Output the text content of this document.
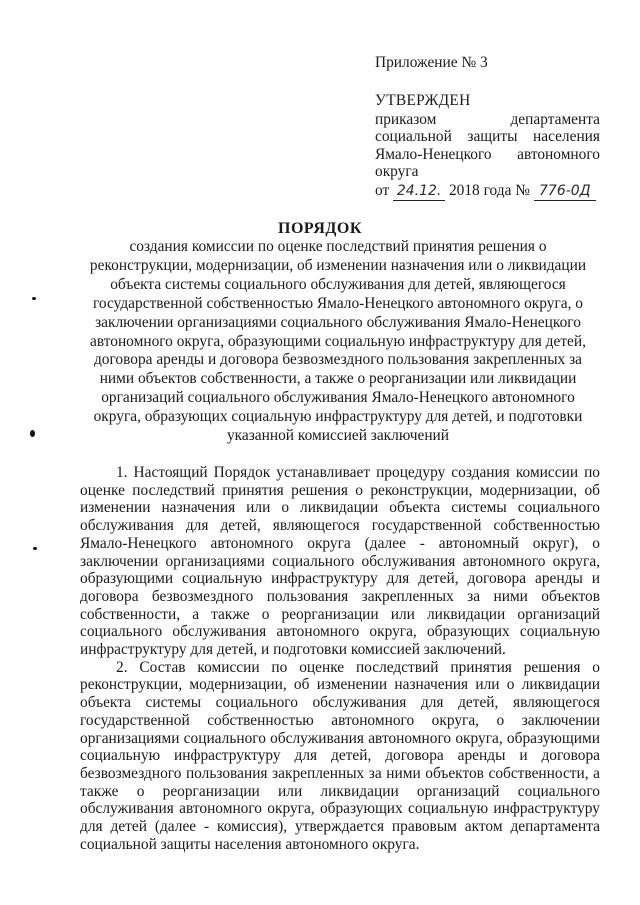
Приложение № 3
УТВЕРЖДЕН
приказом департамента
социальной защиты населения
Ямало-Ненецкого автономного
округа
от 24.12. 2018 года № 776-0Д
ПОРЯДОК
создания комиссии по оценке последствий принятия решения о реконструкции, модернизации, об изменении назначения или о ликвидации объекта системы социального обслуживания для детей, являющегося государственной собственностью Ямало-Ненецкого автономного округа, о заключении организациями социального обслуживания Ямало-Ненецкого автономного округа, образующими социальную инфраструктуру для детей, договора аренды и договора безвозмездного пользования закрепленных за ними объектов собственности, а также о реорганизации или ликвидации организаций социального обслуживания Ямало-Ненецкого автономного округа, образующих социальную инфраструктуру для детей, и подготовки указанной комиссией заключений

1. Настоящий Порядок устанавливает процедуру создания комиссии по оценке последствий принятия решения о реконструкции, модернизации, об изменении назначения или о ликвидации объекта системы социального обслуживания для детей, являющегося государственной собственностью Ямало-Ненецкого автономного округа (далее - автономный округ), о заключении организациями социального обслуживания автономного округа, образующими социальную инфраструктуру для детей, договора аренды и договора безвозмездного пользования закрепленных за ними объектов собственности, а также о реорганизации или ликвидации организаций социального обслуживания автономного округа, образующих социальную инфраструктуру для детей, и подготовки комиссией заключений.

2. Состав комиссии по оценке последствий принятия решения о реконструкции, модернизации, об изменении назначения или о ликвидации объекта системы социального обслуживания для детей, являющегося государственной собственностью автономного округа, о заключении организациями социального обслуживания автономного округа, образующими социальную инфраструктуру для детей, договора аренды и договора безвозмездного пользования закрепленных за ними объектов собственности, а также о реорганизации или ликвидации организаций социального обслуживания автономного округа, образующих социальную инфраструктуру для детей (далее - комиссия), утверждается правовым актом департамента социальной защиты населения автономного округа.
